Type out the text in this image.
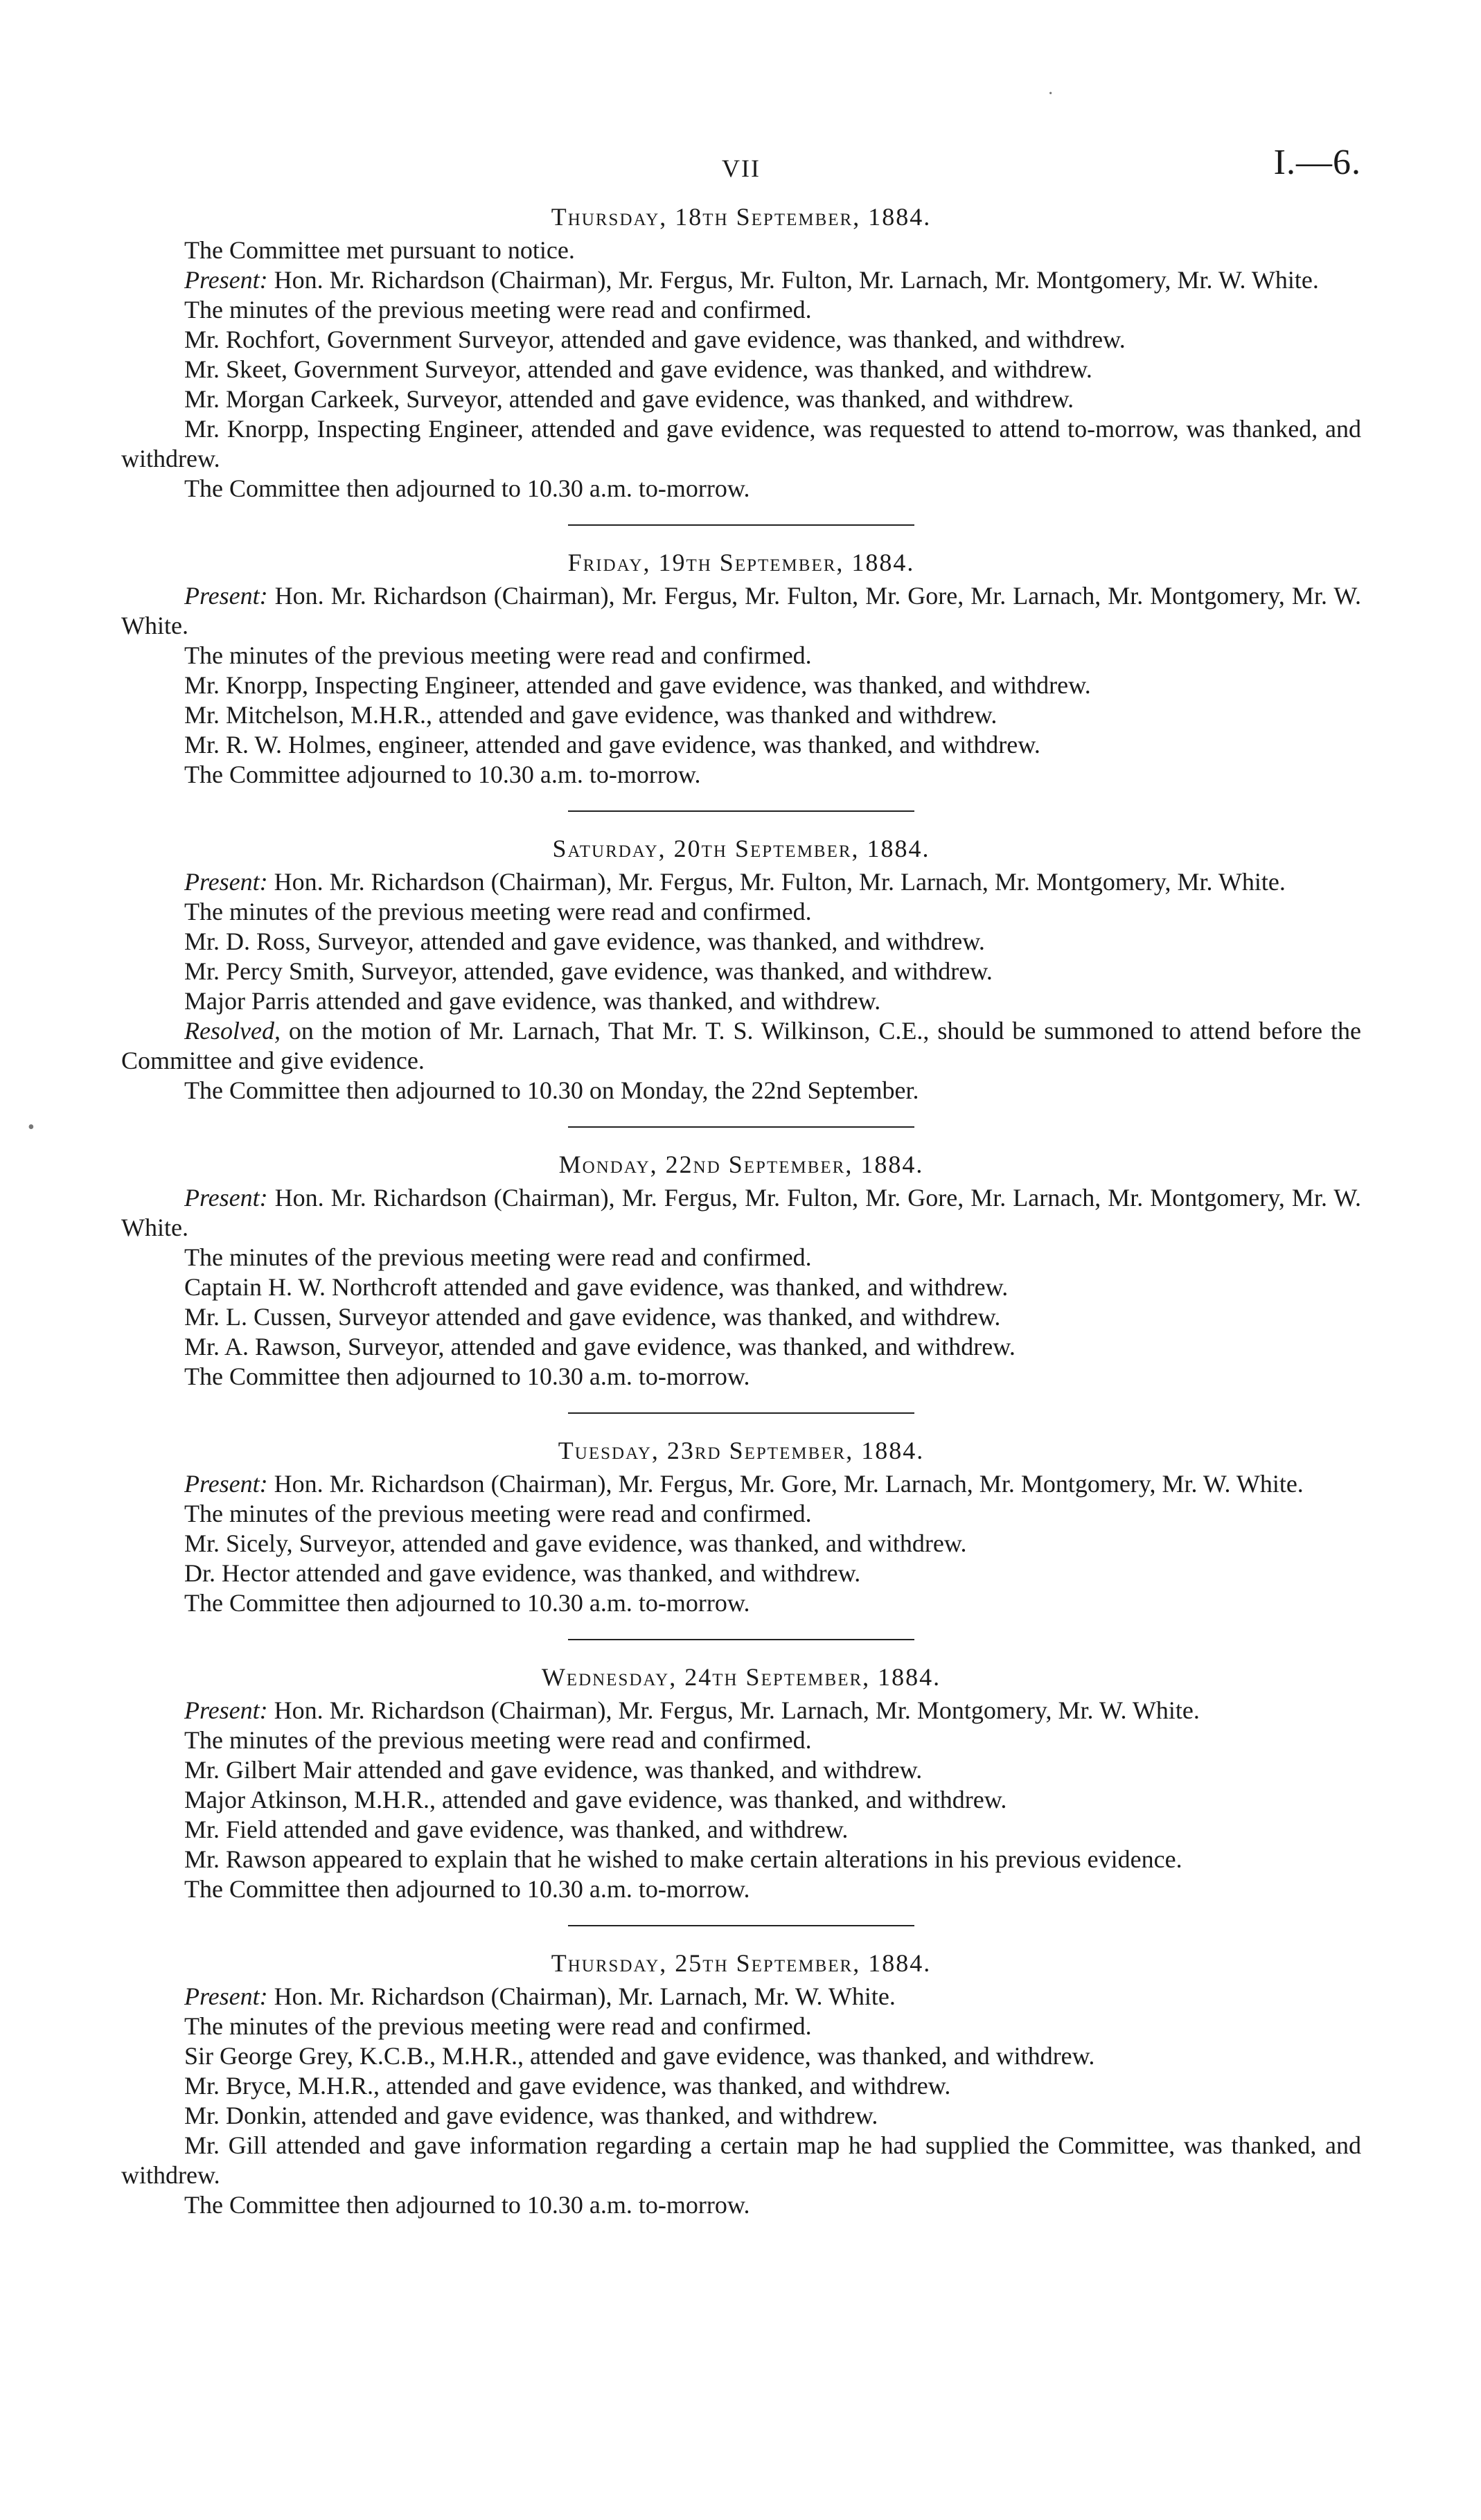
VII	I.—6.
Thursday, 18th September, 1884.

The Committee met pursuant to notice.

Present: Hon. Mr. Richardson (Chairman), Mr. Fergus, Mr. Fulton, Mr. Larnach, Mr. Montgomery, Mr. W. White.

The minutes of the previous meeting were read and confirmed.

Mr. Rochfort, Government Surveyor, attended and gave evidence, was thanked, and withdrew.

Mr. Skeet, Government Surveyor, attended and gave evidence, was thanked, and withdrew.

Mr. Morgan Carkeek, Surveyor, attended and gave evidence, was thanked, and withdrew.

Mr. Knorpp, Inspecting Engineer, attended and gave evidence, was requested to attend to-morrow, was thanked, and withdrew.

The Committee then adjourned to 10.30 a.m. to-morrow.

Friday, 19th September, 1884.

Present: Hon. Mr. Richardson (Chairman), Mr. Fergus, Mr. Fulton, Mr. Gore, Mr. Larnach, Mr. Montgomery, Mr. W. White.

The minutes of the previous meeting were read and confirmed.

Mr. Knorpp, Inspecting Engineer, attended and gave evidence, was thanked, and withdrew.

Mr. Mitchelson, M.H.R., attended and gave evidence, was thanked and withdrew.

Mr. R. W. Holmes, engineer, attended and gave evidence, was thanked, and withdrew.

The Committee adjourned to 10.30 a.m. to-morrow.

Saturday, 20th September, 1884.

Present: Hon. Mr. Richardson (Chairman), Mr. Fergus, Mr. Fulton, Mr. Larnach, Mr. Montgomery, Mr. White.

The minutes of the previous meeting were read and confirmed.

Mr. D. Ross, Surveyor, attended and gave evidence, was thanked, and withdrew.

Mr. Percy Smith, Surveyor, attended, gave evidence, was thanked, and withdrew.

Major Parris attended and gave evidence, was thanked, and withdrew.

Resolved, on the motion of Mr. Larnach, That Mr. T. S. Wilkinson, C.E., should be summoned to attend before the Committee and give evidence.

The Committee then adjourned to 10.30 on Monday, the 22nd September.

Monday, 22nd September, 1884.

Present: Hon. Mr. Richardson (Chairman), Mr. Fergus, Mr. Fulton, Mr. Gore, Mr. Larnach, Mr. Montgomery, Mr. W. White.

The minutes of the previous meeting were read and confirmed.

Captain H. W. Northcroft attended and gave evidence, was thanked, and withdrew.

Mr. L. Cussen, Surveyor attended and gave evidence, was thanked, and withdrew.

Mr. A. Rawson, Surveyor, attended and gave evidence, was thanked, and withdrew.

The Committee then adjourned to 10.30 a.m. to-morrow.

Tuesday, 23rd September, 1884.

Present: Hon. Mr. Richardson (Chairman), Mr. Fergus, Mr. Gore, Mr. Larnach, Mr. Montgomery, Mr. W. White.

The minutes of the previous meeting were read and confirmed.

Mr. Sicely, Surveyor, attended and gave evidence, was thanked, and withdrew.

Dr. Hector attended and gave evidence, was thanked, and withdrew.

The Committee then adjourned to 10.30 a.m. to-morrow.

Wednesday, 24th September, 1884.

Present: Hon. Mr. Richardson (Chairman), Mr. Fergus, Mr. Larnach, Mr. Montgomery, Mr. W. White.

The minutes of the previous meeting were read and confirmed.

Mr. Gilbert Mair attended and gave evidence, was thanked, and withdrew.

Major Atkinson, M.H.R., attended and gave evidence, was thanked, and withdrew.

Mr. Field attended and gave evidence, was thanked, and withdrew.

Mr. Rawson appeared to explain that he wished to make certain alterations in his previous evidence.

The Committee then adjourned to 10.30 a.m. to-morrow.

Thursday, 25th September, 1884.

Present: Hon. Mr. Richardson (Chairman), Mr. Larnach, Mr. W. White.

The minutes of the previous meeting were read and confirmed.

Sir George Grey, K.C.B., M.H.R., attended and gave evidence, was thanked, and withdrew.

Mr. Bryce, M.H.R., attended and gave evidence, was thanked, and withdrew.

Mr. Donkin, attended and gave evidence, was thanked, and withdrew.

Mr. Gill attended and gave information regarding a certain map he had supplied the Committee, was thanked, and withdrew.

The Committee then adjourned to 10.30 a.m. to-morrow.

·
•
